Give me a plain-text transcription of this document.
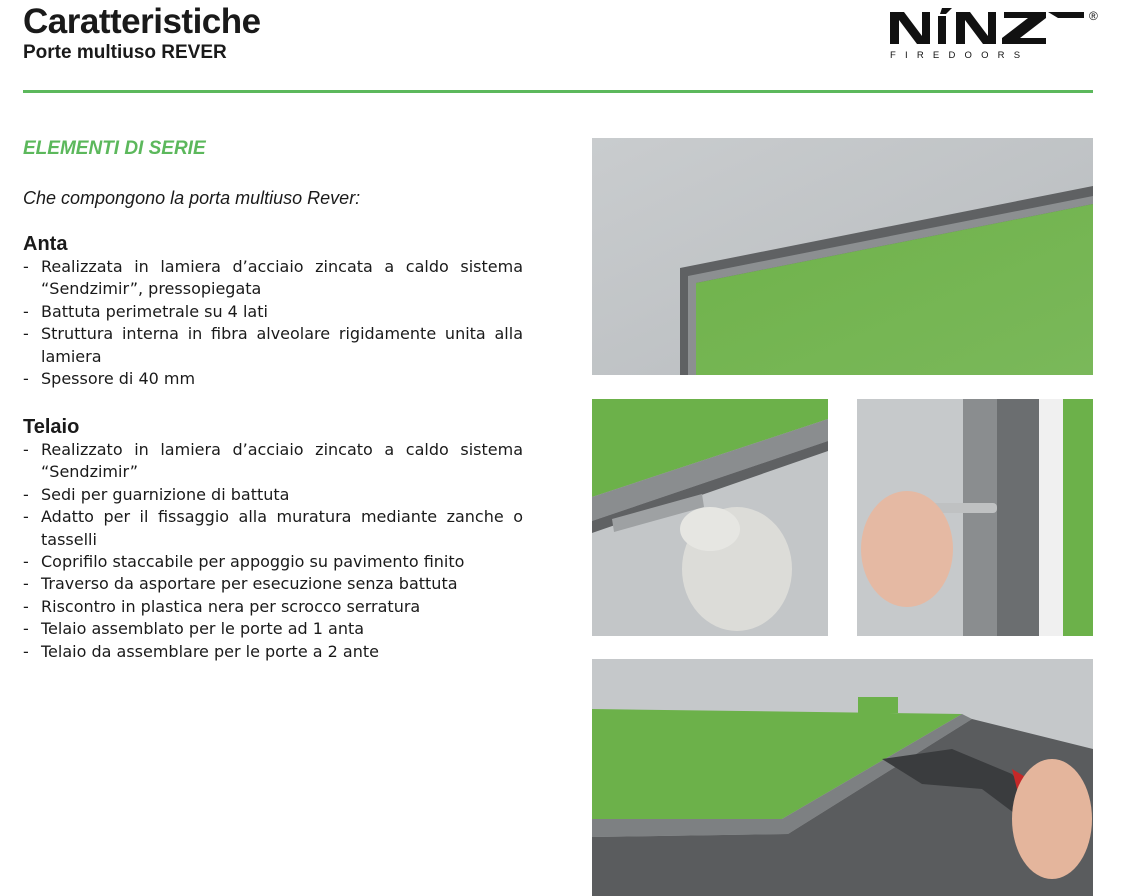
Caratteristiche
Porte multiuso REVER	FIREDOORS
®
ELEMENTI DI SERIE

Che compongono la porta multiuso Rever:

Anta
- Realizzata in lamiera d’acciaio zincata a caldo sistema “Sendzimir”, pressopiegata
- Battuta perimetrale su 4 lati
- Struttura interna in fibra alveolare rigidamente unita alla lamiera
- Spessore di 40 mm
Telaio
- Realizzato in lamiera d’acciaio zincato a caldo sistema “Sendzimir”
- Sedi per guarnizione di battuta
- Adatto per il fissaggio alla muratura mediante zanche o tasselli
- Coprifilo staccabile per appoggio su pavimento finito
- Traverso da asportare per esecuzione senza battuta
- Riscontro in plastica nera per scrocco serratura
- Telaio assemblato per le porte ad 1 anta
- Telaio da assemblare per le porte a 2 ante
